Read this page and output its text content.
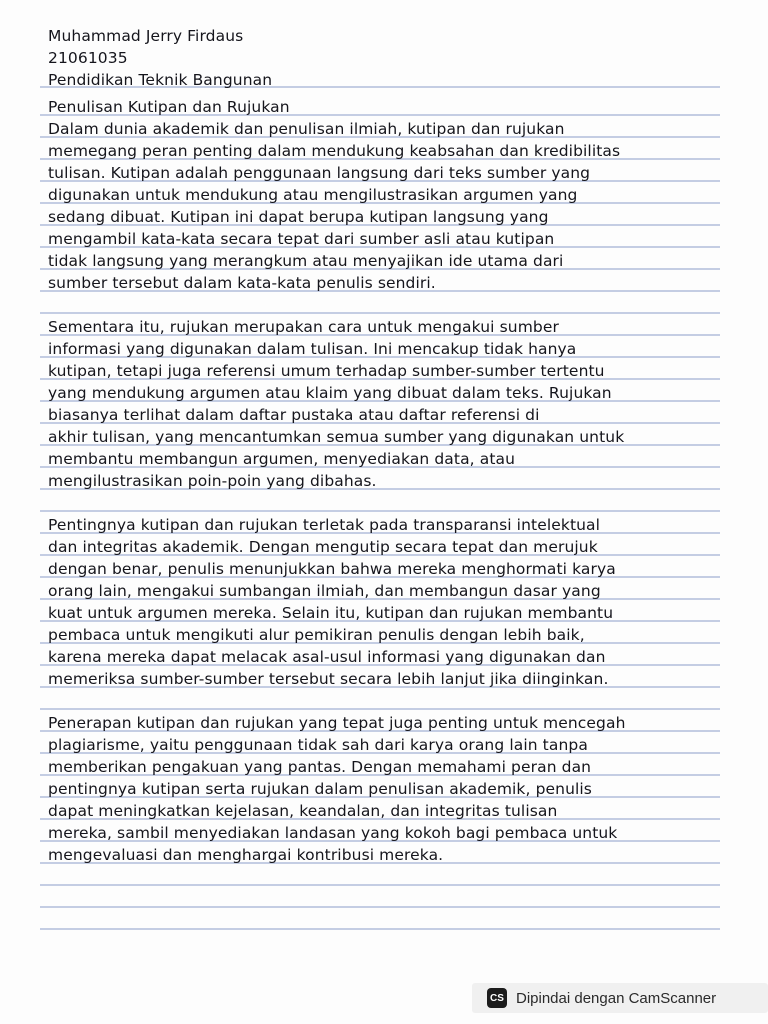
Muhammad Jerry Firdaus

21061035

Pendidikan Teknik Bangunan

Penulisan Kutipan dan Rujukan

Dalam dunia akademik dan penulisan ilmiah, kutipan dan rujukan

memegang peran penting dalam mendukung keabsahan dan kredibilitas

tulisan. Kutipan adalah penggunaan langsung dari teks sumber yang

digunakan untuk mendukung atau mengilustrasikan argumen yang

sedang dibuat. Kutipan ini dapat berupa kutipan langsung yang

mengambil kata-kata secara tepat dari sumber asli atau kutipan

tidak langsung yang merangkum atau menyajikan ide utama dari

sumber tersebut dalam kata-kata penulis sendiri.

Sementara itu, rujukan merupakan cara untuk mengakui sumber

informasi yang digunakan dalam tulisan. Ini mencakup tidak hanya

kutipan, tetapi juga referensi umum terhadap sumber-sumber tertentu

yang mendukung argumen atau klaim yang dibuat dalam teks. Rujukan

biasanya terlihat dalam daftar pustaka atau daftar referensi di

akhir tulisan, yang mencantumkan semua sumber yang digunakan untuk

membantu membangun argumen, menyediakan data, atau

mengilustrasikan poin-poin yang dibahas.

Pentingnya kutipan dan rujukan terletak pada transparansi intelektual

dan integritas akademik. Dengan mengutip secara tepat dan merujuk

dengan benar, penulis menunjukkan bahwa mereka menghormati karya

orang lain, mengakui sumbangan ilmiah, dan membangun dasar yang

kuat untuk argumen mereka. Selain itu, kutipan dan rujukan membantu

pembaca untuk mengikuti alur pemikiran penulis dengan lebih baik,

karena mereka dapat melacak asal-usul informasi yang digunakan dan

memeriksa sumber-sumber tersebut secara lebih lanjut jika diinginkan.

Penerapan kutipan dan rujukan yang tepat juga penting untuk mencegah

plagiarisme, yaitu penggunaan tidak sah dari karya orang lain tanpa

memberikan pengakuan yang pantas. Dengan memahami peran dan

pentingnya kutipan serta rujukan dalam penulisan akademik, penulis

dapat meningkatkan kejelasan, keandalan, dan integritas tulisan

mereka, sambil menyediakan landasan yang kokoh bagi pembaca untuk

mengevaluasi dan menghargai kontribusi mereka.

CS Dipindai dengan CamScanner
